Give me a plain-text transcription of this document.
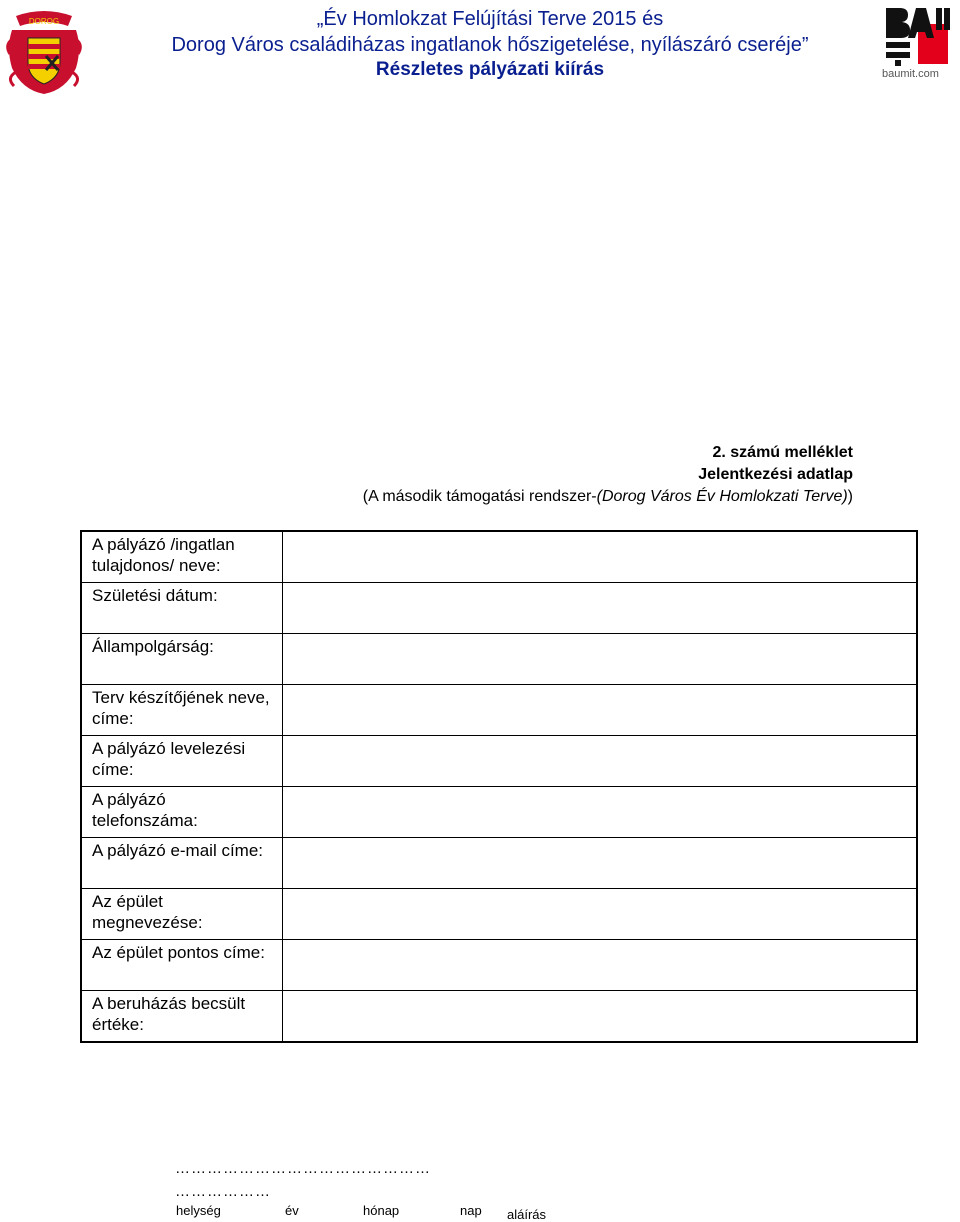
DOROG	„Év Homlokzat Felújítási Terve 2015 és
Dorog Város családiházas ingatlanok hőszigetelése, nyílászáró cseréje”
Részletes pályázati kiírás	baumit.com
2. számú melléklet
Jelentkezési adatlap
(A második támogatási rendszer-(Dorog Város Év Homlokzati Terve))
A pályázó /ingatlan tulajdonos/ neve:	
Születési dátum:	
Állampolgárság:	
Terv készítőjének neve, címe:	
A pályázó levelezési címe:	
A pályázó telefonszáma:	
A pályázó e-mail címe:	
Az épület megnevezése:	
Az épület pontos címe:	
A beruházás becsült értéke:	
…………………………………………
………………
helység	év	hónap	nap aláírás
